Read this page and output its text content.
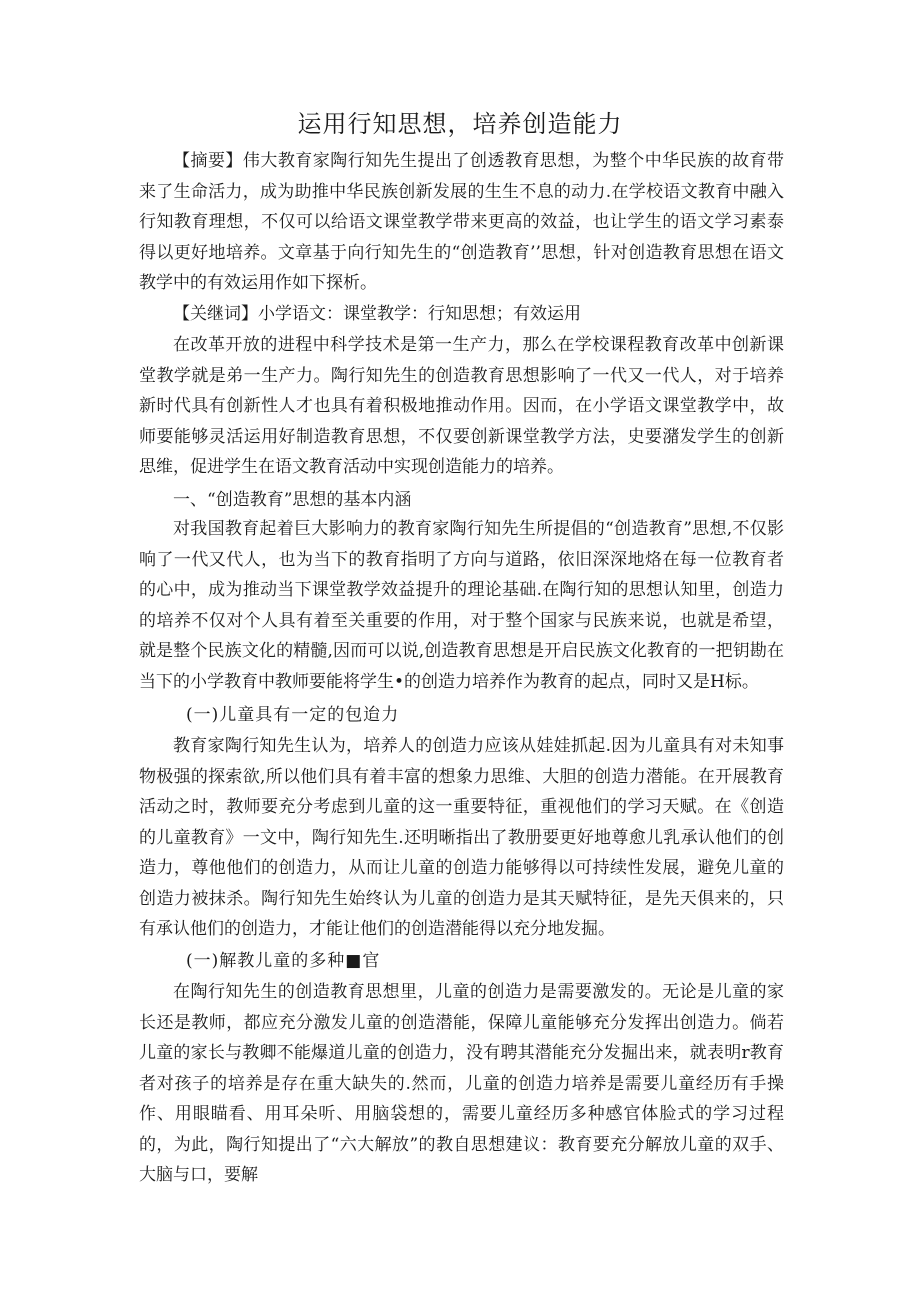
运用行知思想，培养创造能力

【摘要】伟大教育家陶行知先生提出了创透教育思想，为整个中华民族的故育带来了生命活力，成为助推中华民族创新发展的生生不息的动力.在学校语文教育中融入行知教育理想，不仅可以给语文课堂教学带来更高的效益，也让学生的语文学习素泰得以更好地培养。文章基于向行知先生的“创造教育’’思想，针对创造教育思想在语文教学中的有效运用作如下探析。

【关继词】小学语文：课堂教学：行知思想；有效运用

在改革开放的进程中科学技术是第一生产力，那么在学校课程教育改革中创新课堂教学就是弟一生产力。陶行知先生的创造教育思想影响了一代又一代人，对于培养新时代具有创新性人才也具有着积极地推动作用。因而，在小学语文课堂教学中，故师要能够灵活运用好制造教育思想，不仅要创新课堂教学方法，史要潴发学生的创新思维，促进学生在语文教育活动中实现创造能力的培养。

一、“创造教育”思想的基本内涵

对我国教育起着巨大影响力的教育家陶行知先生所提倡的“创造教育”思想,不仅影响了一代又代人，也为当下的教育指明了方向与道路，依旧深深地烙在每一位教育者的心中，成为推动当下课堂教学效益提升的理论基础.在陶行知的思想认知里，创造力的培养不仅对个人具有着至关重要的作用，对于整个国家与民族来说，也就是希望，就是整个民族文化的精髓,因而可以说,创造教育思想是开启民族文化教育的一把钥勘在当下的小学教育中教师要能将学生•的创造力培养作为教育的起点，同时又是H标。

(一)儿童具有一定的包迨力

教育家陶行知先生认为，培养人的创造力应该从娃娃抓起.因为儿童具有对未知事物极强的探索欲,所以他们具有着丰富的想象力思维、大胆的创造力潜能。在开展教育活动之时，教师要充分考虑到儿童的这一重要特征，重视他们的学习天赋。在《创造的儿童教育》一文中，陶行知先生.还明晰指出了教册要更好地尊愈儿乳承认他们的创造力，尊他他们的创造力，从而让儿童的创造力能够得以可持续性发展，避免儿童的创造力被抹杀。陶行知先生始终认为儿童的创造力是其天赋特征，是先天俱来的，只有承认他们的创造力，才能让他们的创造潜能得以充分地发掘。

(一)解教儿童的多种■官

在陶行知先生的创造教育思想里，儿童的创造力是需要激发的。无论是儿童的家长还是教师，都应充分激发儿童的创造潜能，保障儿童能够充分发挥出创造力。倘若儿童的家长与教卿不能爆道儿童的创造力，没有聘其潜能充分发掘出来，就表明r教育者对孩子的培养是存在重大缺失的.然而，儿童的创造力培养是需要儿童经历有手操作、用眼瞄看、用耳朵听、用脑袋想的，需要儿童经历多种感官体脸式的学习过程的，为此，陶行知提出了“六大解放”的教自思想建议：教育要充分解放儿童的双手、大脑与口，要解
